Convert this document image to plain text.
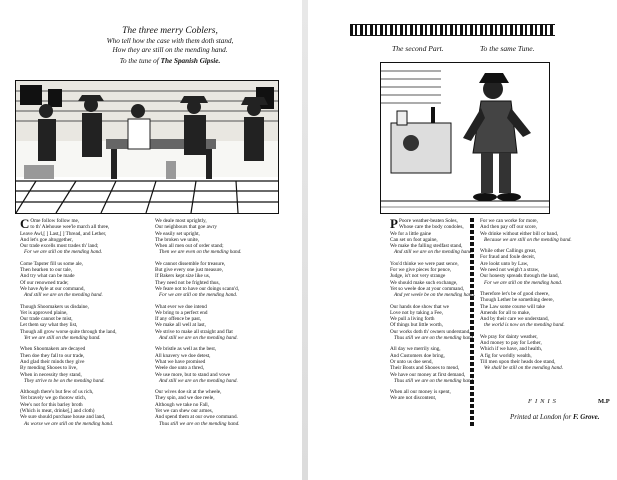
The three merry Coblers,
Who tell how the case with them doth stand,
How they are still on the mending hand.
To the tune of The Spanish Gipsie.

C Ome follow follow me,
to th' Alehouse wee'le march all three,
Leave Awl,[ ] Last,[ ] Thread, and Lether,
And let's goe altoggether,
Our trade excells most trades th' land;
For we are still on the mending hand.

Come Tapster fill us some ale,
Then hearken to our tale,
And try what can be made
Of our renowned trade;
We have Ayle at our command,
And still we are on the mending hand.

Though Shoomakers us disdaine,
Yet is approved plaine,
Our trade cannot be mist,
Let them say what they list,
Though all grow worse quite through the land,
Yet we are still on the mending hand.

When Shoomakers are decayed
Then doe they fall to our trade,
And glad their minds they give
By mending Shooes to live,
When in necessity they stand,
They strive to be on the mending hand.

Although there's but few of us rich,
Yet bravely we go thorow stich,
Wee's not for this barley broth
(Which is meat, drinke[,] and cloth)
We sure should purchase house and land,
As worse we are still on the mending hand.

We deale most uprightly,
Our neighbours that goe awry
We easily set upright,
The broken we unite,
When all men out of order stand;
Then we are even on the mending hand.

We cannot dissemble for treasure,
But give every one just measure,
If Bakers kept size like us,
They need not be frighted thus,
We feare not to have our doings scann'd,
For we are still on the mending hand.

What ever we doe intend
We bring to a perfect end
If any offence be past,
We make all well at last,
We strive to make all straight and flat
And still we are on the mending hand.

We bristle as well as the best,
All knavery we doe detest,
What we have promised
Weele doe unto a thred,
We use more, but to stand and vowe
And still we are on the mending hand.

Our wives doe sit at the wheele,
They spin, and we doe reele,
Although we take no Fall,
Yet we can shew our armes,
And spend them at our owne command.
Thus still we are on the mending hand.

The second Part.	To the same Tune.

P Poore weather-beaten Soles,
Whose care the body condoles,
We for a little gaine
Can set on foot againe,
We make the falling stedfast stand,
And still we are on the mending hand.

You'd thinke we were past sence,
For we give pieces for pence,
Judge, is't not very strange
We should make such exchange,
Yet so weele doe at your command,
And yet weele be on the mending hand.

Our hands doe show that we
Love not by taking a Fee,
We pull a living forth
Of things but little worth,
Our works doth th' owners understand,
Thus still we are on the mending hand.

All day we merrily sing,
And Customers doe bring,
Or unto us doe send,
Their Boots and Shooes to mend,
We have our money at first demand,
Thus still we are on the mending hand.

When all our money is spent,
We are not discontent,

For we can worke for more,
And then pay off our score,
We drinke without either bill or band,
Because we are still on the mending hand.

While other Callings great,
For fraud and foule deceit,
Are lookt unto by Law,
We need not weigh't a straw,
Our honesty spreads through the land,
For we are still on the mending hand.

Therefore let's be of good cheere,
Though Lether be something deere,
The Law some course will take
Amends for all to make,
And by their care we understand,
the world is now on the mending hand.

We pray for dainty weather,
And money to pay for Lether,
Which if we have, and health,
A fig for worldly wealth,
Till men upon their heads doe stand,
We shall be still on the mending hand.

FINIS	M.P
Printed at London for F. Grove.
